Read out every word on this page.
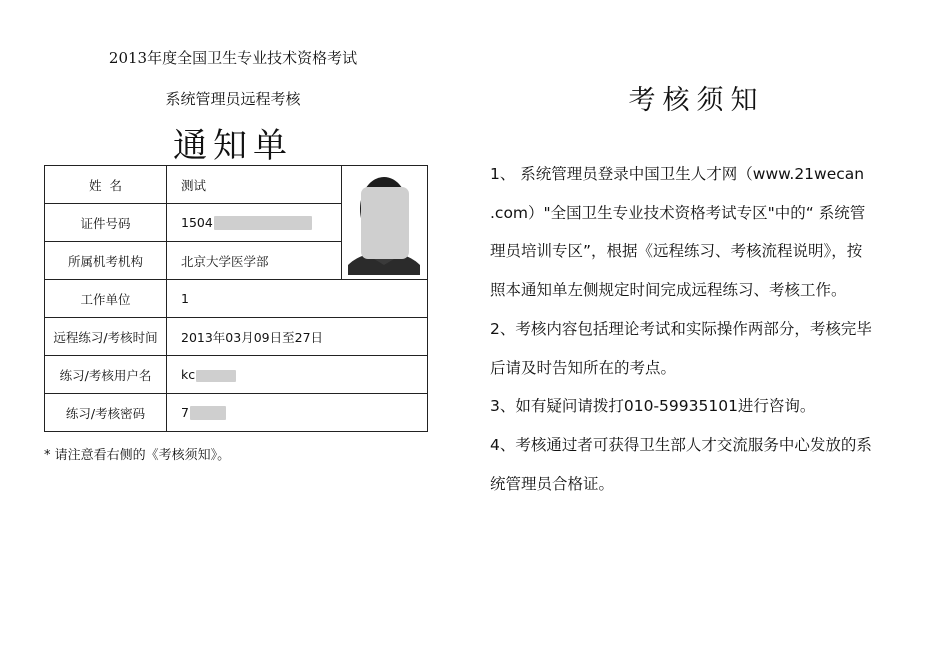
2013年度全国卫生专业技术资格考试
系统管理员远程考核
通知单
姓  名	测试	

证件号码	1504	
所属机考机构	北京大学医学部	
工作单位	1	
远程练习/考核时间	2013年03月09日至27日	
练习/考核用户名	kc	
练习/考核密码	7	
* 请注意看右侧的《考核须知》。
考核须知

1、 系统管理员登录中国卫生人才网（www.21wecan .com）"全国卫生专业技术资格考试专区"中的“ 系统管理员培训专区”，根据《远程练习、考核流程说明》，按照本通知单左侧规定时间完成远程练习、考核工作。

2、考核内容包括理论考试和实际操作两部分，考核完毕后请及时告知所在的考点。

3、如有疑问请拨打010-59935101进行咨询。

4、考核通过者可获得卫生部人才交流服务中心发放的系统管理员合格证。
